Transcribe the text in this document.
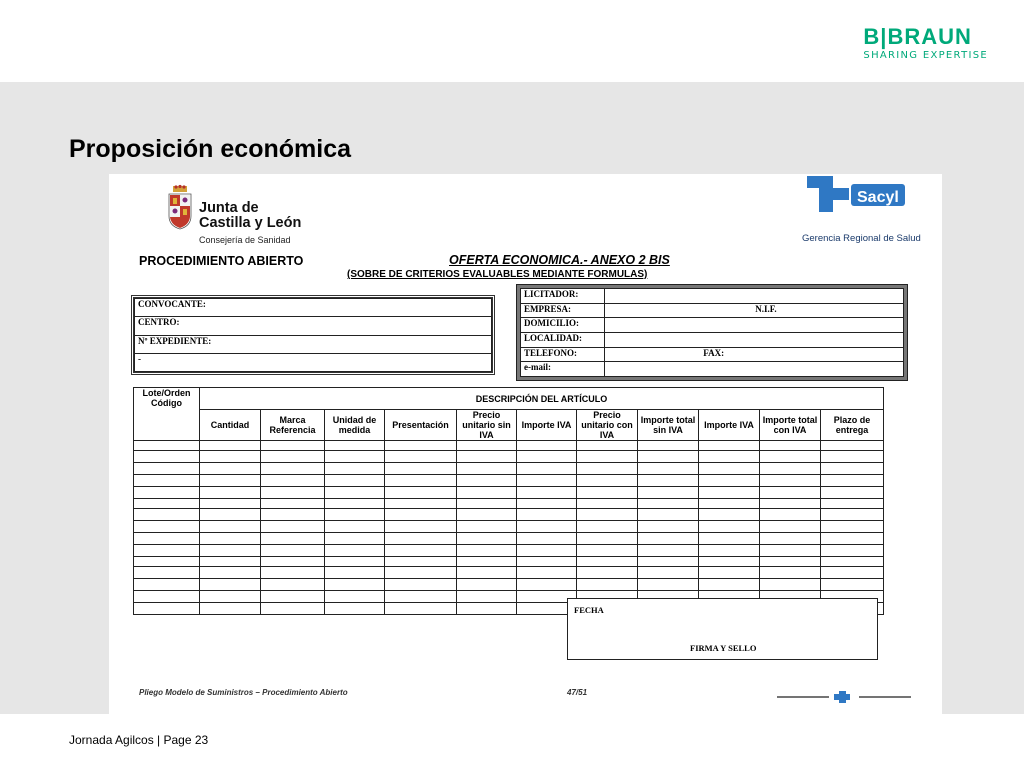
B|BRAUN
SHARING EXPERTISE
Proposición económica
Junta de
Castilla y León
Consejería de Sanidad
Sacyl
Gerencia Regional de Salud
PROCEDIMIENTO ABIERTO	OFERTA ECONOMICA.- ANEXO 2 BIS
(SOBRE DE CRITERIOS EVALUABLES MEDIANTE FORMULAS)
CONVOCANTE:
CENTRO:
Nº EXPEDIENTE:
-
LICITADOR:	
EMPRESA:	N.I.F.
DOMICILIO:	
LOCALIDAD:	
TELEFONO:	FAX:
e-mail:	

Lote/Orden Código	DESCRIPCIÓN DEL ARTÍCULO										
	Cantidad	Marca Referencia	Unidad de medida	Presentación	Precio unitario sin IVA	Importe IVA	Precio unitario con IVA	Importe total sin IVA	Importe IVA	Importe total con IVA	Plazo de entrega

FECHA
FIRMA Y SELLO
Pliego Modelo de Suministros – Procedimiento Abierto	47/51
Jornada Agilcos | Page 23
